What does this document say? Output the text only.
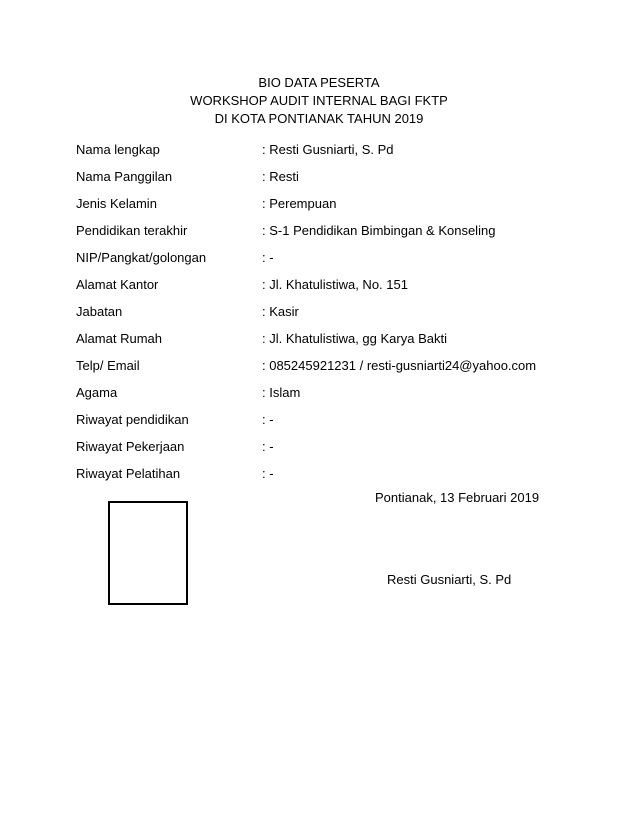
BIO DATA PESERTA
WORKSHOP AUDIT INTERNAL BAGI FKTP
DI KOTA PONTIANAK TAHUN 2019
Nama lengkap	: Resti Gusniarti, S. Pd
Nama Panggilan	: Resti
Jenis Kelamin	: Perempuan
Pendidikan terakhir	: S-1 Pendidikan Bimbingan & Konseling
NIP/Pangkat/golongan	: -
Alamat Kantor	: Jl. Khatulistiwa, No. 151
Jabatan	: Kasir
Alamat Rumah	: Jl. Khatulistiwa, gg Karya Bakti
Telp/ Email	: 085245921231 / resti-gusniarti24@yahoo.com
Agama	: Islam
Riwayat pendidikan	: -
Riwayat Pekerjaan	: -
Riwayat Pelatihan	: -
Pontianak, 13 Februari 2019
Resti Gusniarti, S. Pd
